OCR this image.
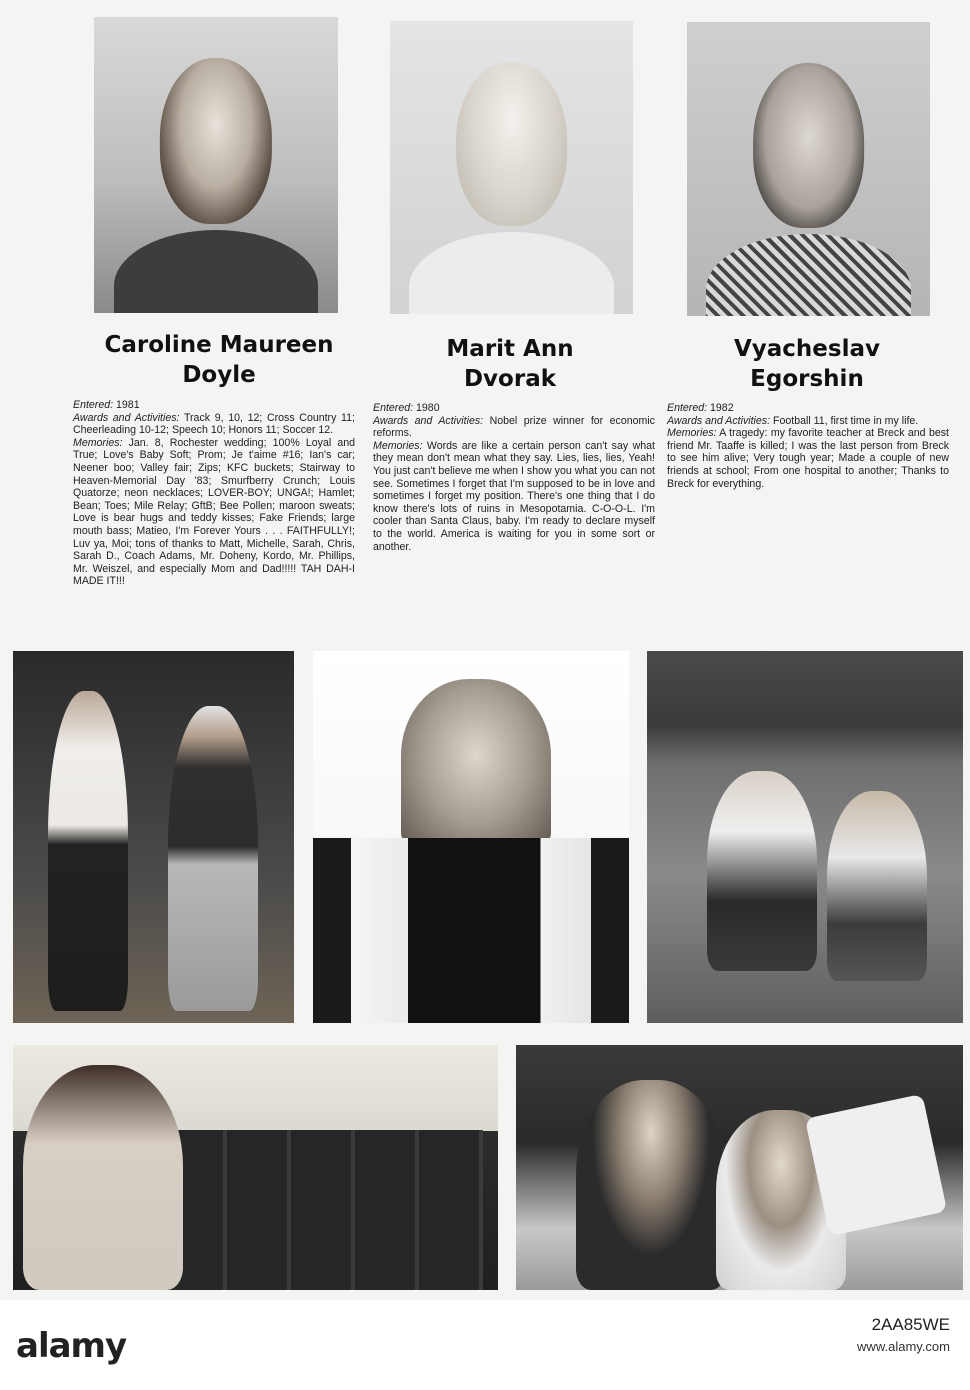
Caroline Maureen
Doyle
Marit Ann
Dvorak
Vyacheslav
Egorshin

Entered: 1981

Awards and Activities: Track 9, 10, 12; Cross Country 11; Cheerleading 10-12; Speech 10; Honors 11; Soccer 12.

Memories: Jan. 8, Rochester wedding; 100% Loyal and True; Love's Baby Soft; Prom; Je t'aime #16; Ian's car; Neener boo; Valley fair; Zips; KFC buckets; Stairway to Heaven-Memorial Day '83; Smurfberry Crunch; Louis Quatorze; neon necklaces; LOVER-BOY; UNGA!; Hamlet; Bean; Toes; Mile Relay; GftB; Bee Pollen; maroon sweats; Love is bear hugs and teddy kisses; Fake Friends; large mouth bass; Matieo, I'm Forever Yours . . . FAITHFULLY!; Luv ya, Moi; tons of thanks to Matt, Michelle, Sarah, Chris, Sarah D., Coach Adams, Mr. Doheny, Kordo, Mr. Phillips, Mr. Weiszel, and especially Mom and Dad!!!!! TAH DAH-I MADE IT!!!

Entered: 1980

Awards and Activities: Nobel prize winner for economic reforms.

Memories: Words are like a certain person can't say what they mean don't mean what they say. Lies, lies, lies, Yeah! You just can't believe me when I show you what you can not see. Sometimes I forget that I'm supposed to be in love and sometimes I forget my position. There's one thing that I do know there's lots of ruins in Mesopotamia. C-O-O-L. I'm cooler than Santa Claus, baby. I'm ready to declare myself to the world. America is waiting for you in some sort or another.

Entered: 1982

Awards and Activities: Football 11, first time in my life.

Memories: A tragedy: my favorite teacher at Breck and best friend Mr. Taaffe is killed; I was the last person from Breck to see him alive; Very tough year; Made a couple of new friends at school; From one hospital to another; Thanks to Breck for everything.

alamy
2AA85WE
www.alamy.com
